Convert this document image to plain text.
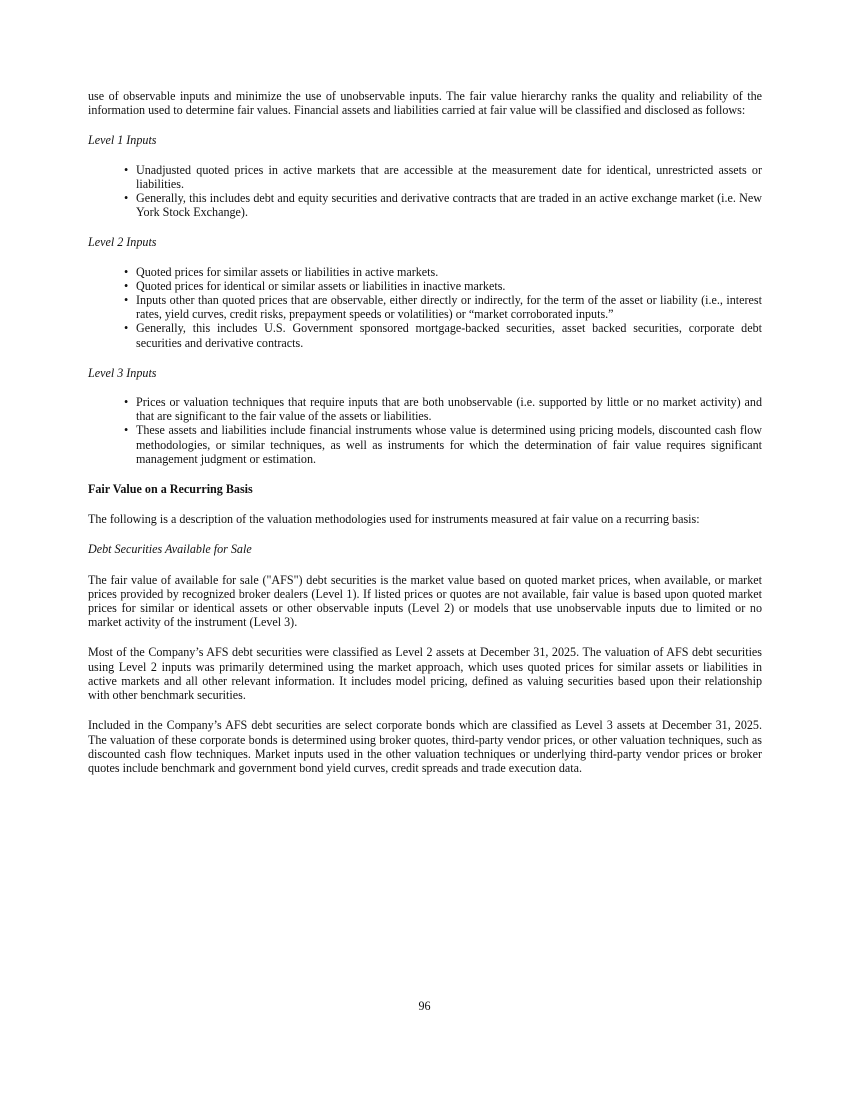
use of observable inputs and minimize the use of unobservable inputs. The fair value hierarchy ranks the quality and reliability of the information used to determine fair values. Financial assets and liabilities carried at fair value will be classified and disclosed as follows:

Level 1 Inputs

• Unadjusted quoted prices in active markets that are accessible at the measurement date for identical, unrestricted assets or liabilities.
• Generally, this includes debt and equity securities and derivative contracts that are traded in an active exchange market (i.e. New York Stock Exchange).

Level 2 Inputs

• Quoted prices for similar assets or liabilities in active markets.
• Quoted prices for identical or similar assets or liabilities in inactive markets.
• Inputs other than quoted prices that are observable, either directly or indirectly, for the term of the asset or liability (i.e., interest rates, yield curves, credit risks, prepayment speeds or volatilities) or “market corroborated inputs.”
• Generally, this includes U.S. Government sponsored mortgage-backed securities, asset backed securities, corporate debt securities and derivative contracts.

Level 3 Inputs

• Prices or valuation techniques that require inputs that are both unobservable (i.e. supported by little or no market activity) and that are significant to the fair value of the assets or liabilities.
• These assets and liabilities include financial instruments whose value is determined using pricing models, discounted cash flow methodologies, or similar techniques, as well as instruments for which the determination of fair value requires significant management judgment or estimation.

Fair Value on a Recurring Basis

The following is a description of the valuation methodologies used for instruments measured at fair value on a recurring basis:

Debt Securities Available for Sale

The fair value of available for sale ("AFS") debt securities is the market value based on quoted market prices, when available, or market prices provided by recognized broker dealers (Level 1). If listed prices or quotes are not available, fair value is based upon quoted market prices for similar or identical assets or other observable inputs (Level 2) or models that use unobservable inputs due to limited or no market activity of the instrument (Level 3).

Most of the Company’s AFS debt securities were classified as Level 2 assets at December 31, 2025. The valuation of AFS debt securities using Level 2 inputs was primarily determined using the market approach, which uses quoted prices for similar assets or liabilities in active markets and all other relevant information. It includes model pricing, defined as valuing securities based upon their relationship with other benchmark securities.

Included in the Company’s AFS debt securities are select corporate bonds which are classified as Level 3 assets at December 31, 2025. The valuation of these corporate bonds is determined using broker quotes, third-party vendor prices, or other valuation techniques, such as discounted cash flow techniques. Market inputs used in the other valuation techniques or underlying third-party vendor prices or broker quotes include benchmark and government bond yield curves, credit spreads and trade execution data.

96
